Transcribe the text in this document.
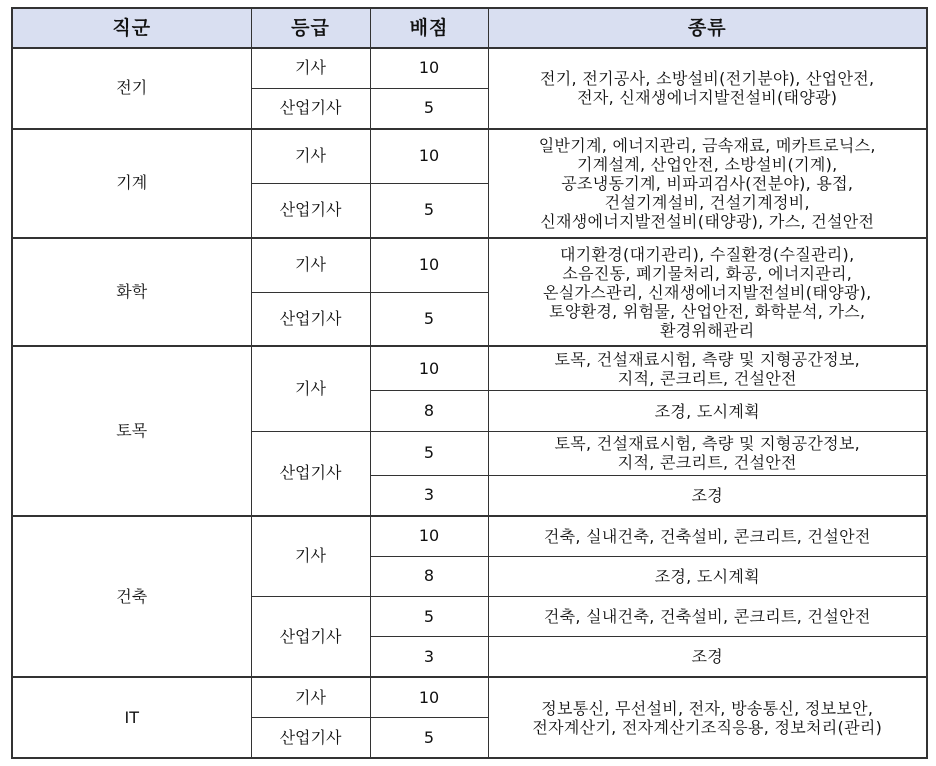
직군	등급	배점	종류
전기	기사	10	전기, 전기공사, 소방설비(전기분야), 산업안전,
전자, 신재생에너지발전설비(태양광)
	산업기사	5	
기계	기사	10	일반기계, 에너지관리, 금속재료, 메카트로닉스,
기계설계, 산업안전, 소방설비(기계),
공조냉동기계, 비파괴검사(전분야), 용접,
건설기계설비, 건설기계정비,
신재생에너지발전설비(태양광), 가스, 건설안전
	산업기사	5	
화학	기사	10	대기환경(대기관리), 수질환경(수질관리),
소음진동, 폐기물처리, 화공, 에너지관리,
온실가스관리, 신재생에너지발전설비(태양광),
토양환경, 위험물, 산업안전, 화학분석, 가스,
환경위해관리
	산업기사	5	
토목	기사	10	토목, 건설재료시험, 측량 및 지형공간정보,
지적, 콘크리트, 건설안전
		8	조경, 도시계획
	산업기사	5	토목, 건설재료시험, 측량 및 지형공간정보,
지적, 콘크리트, 건설안전
		3	조경
건축	기사	10	건축, 실내건축, 건축설비, 콘크리트, 건설안전
		8	조경, 도시계획
	산업기사	5	건축, 실내건축, 건축설비, 콘크리트, 건설안전
		3	조경
IT	기사	10	정보통신, 무선설비, 전자, 방송통신, 정보보안,
전자계산기, 전자계산기조직응용, 정보처리(관리)
	산업기사	5	
